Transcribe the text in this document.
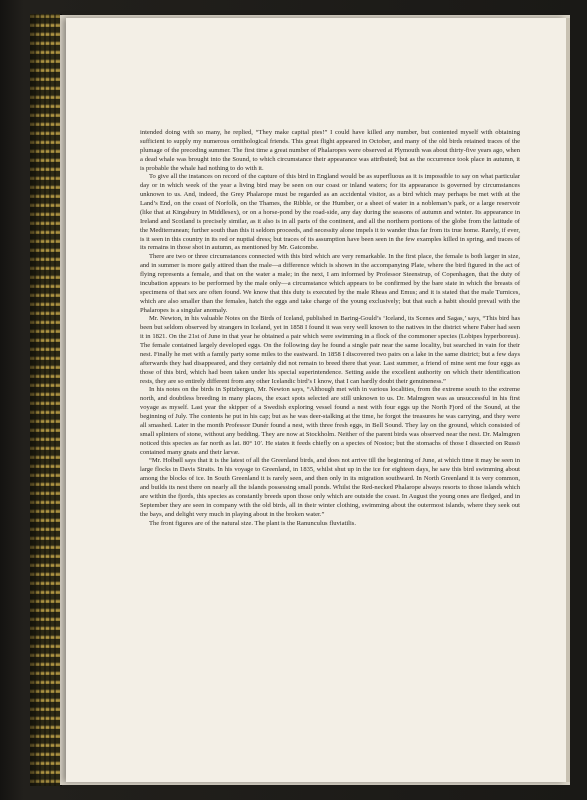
intended doing with so many, he replied, “They make capital pies!” I could have killed any number, but contented myself with obtaining sufficient to supply my numerous ornithological friends. This great flight appeared in October, and many of the old birds retained traces of the plumage of the preceding summer. The first time a great number of Phalaropes were observed at Plymouth was about thirty-five years ago, when a dead whale was brought into the Sound, to which circumstance their appearance was attributed; but as the occurrence took place in autumn, it is probable the whale had nothing to do with it.

To give all the instances on record of the capture of this bird in England would be as superfluous as it is impossible to say on what particular day or in which week of the year a living bird may be seen on our coast or inland waters; for its appearance is governed by circumstances unknown to us. And, indeed, the Grey Phalarope must be regarded as an accidental visitor, as a bird which may perhaps be met with at the Land’s End, on the coast of Norfolk, on the Thames, the Ribble, or the Humber, or a sheet of water in a nobleman’s park, or a large reservoir (like that at Kingsbury in Middlesex), or on a horse-pond by the road-side, any day during the seasons of autumn and winter. Its appearance in Ireland and Scotland is precisely similar, as it also is in all parts of the continent, and all the northern portions of the globe from the latitude of the Mediterranean; further south than this it seldom proceeds, and necessity alone impels it to wander thus far from its true home. Rarely, if ever, is it seen in this country in its red or nuptial dress; but traces of its assumption have been seen in the few examples killed in spring, and traces of its remains in those shot in autumn, as mentioned by Mr. Gatcombe.

There are two or three circumstances connected with this bird which are very remarkable. In the first place, the female is both larger in size, and in summer is more gaily attired than the male—a difference which is shown in the accompanying Plate, where the bird figured in the act of flying represents a female, and that on the water a male; in the next, I am informed by Professor Steenstrup, of Copenhagen, that the duty of incubation appears to be performed by the male only—a circumstance which appears to be confirmed by the bare state in which the breasts of specimens of that sex are often found. We know that this duty is executed by the male Rheas and Emus; and it is stated that the male Turnices, which are also smaller than the females, hatch the eggs and take charge of the young exclusively; but that such a habit should prevail with the Phalaropes is a singular anomaly.

Mr. Newton, in his valuable Notes on the Birds of Iceland, published in Baring-Gould’s ‘Iceland, its Scenes and Sagas,’ says, “This bird has been but seldom observed by strangers in Iceland, yet in 1858 I found it was very well known to the natives in the district where Faber had seen it in 1821. On the 21st of June in that year he obtained a pair which were swimming in a flock of the commoner species (Lobipes hyperboreus). The female contained largely developed eggs. On the following day he found a single pair near the same locality, but searched in vain for their nest. Finally he met with a family party some miles to the eastward. In 1858 I discovered two pairs on a lake in the same district; but a few days afterwards they had disappeared, and they certainly did not remain to breed there that year. Last summer, a friend of mine sent me four eggs as those of this bird, which had been taken under his special superintendence. Setting aside the excellent authority on which their identification rests, they are so entirely different from any other Icelandic bird’s I know, that I can hardly doubt their genuineness.”

In his notes on the birds in Spitzbergen, Mr. Newton says, “Although met with in various localities, from the extreme south to the extreme north, and doubtless breeding in many places, the exact spots selected are still unknown to us. Dr. Malmgren was as unsuccessful in his first voyage as myself. Last year the skipper of a Swedish exploring vessel found a nest with four eggs up the North Fjord of the Sound, at the beginning of July. The contents he put in his cap; but as he was deer-stalking at the time, he forgot the treasures he was carrying, and they were all smashed. Later in the month Professor Dunér found a nest, with three fresh eggs, in Bell Sound. They lay on the ground, which consisted of small splinters of stone, without any bedding. They are now at Stockholm. Neither of the parent birds was observed near the nest. Dr. Malmgren noticed this species as far north as lat. 80° 10′. He states it feeds chiefly on a species of Nostoc; but the stomachs of those I dissected on Russö contained many gnats and their larvæ.

“Mr. Holbøll says that it is the latest of all the Greenland birds, and does not arrive till the beginning of June, at which time it may be seen in large flocks in Davis Straits. In his voyage to Greenland, in 1835, whilst shut up in the ice for eighteen days, he saw this bird swimming about among the blocks of ice. In South Greenland it is rarely seen, and then only in its migration southward. In North Greenland it is very common, and builds its nest there on nearly all the islands possessing small ponds. Whilst the Red-necked Phalarope always resorts to those islands which are within the fjords, this species as constantly breeds upon those only which are outside the coast. In August the young ones are fledged, and in September they are seen in company with the old birds, all in their winter clothing, swimming about the outermost islands, where they seek out the bays, and delight very much in playing about in the broken water.”

The front figures are of the natural size. The plant is the Ranunculus fluviatilis.
